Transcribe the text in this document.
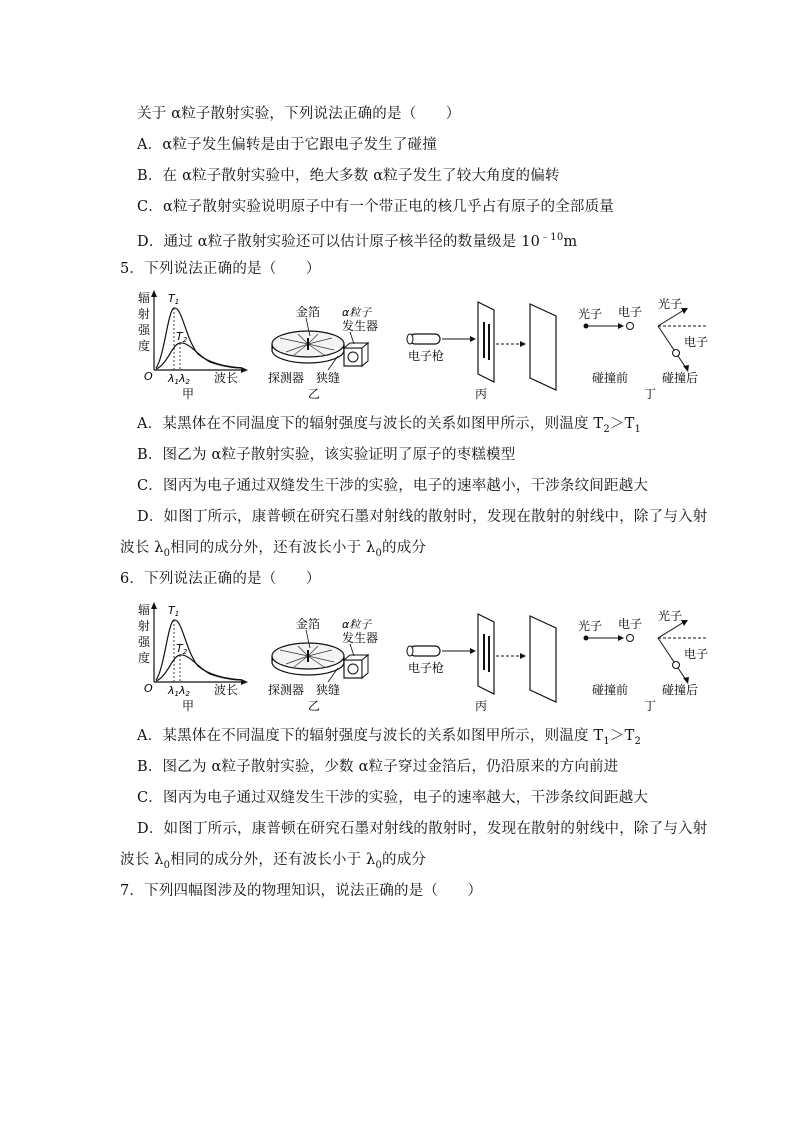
关于 α粒子散射实验，下列说法正确的是（　　）
A．α粒子发生偏转是由于它跟电子发生了碰撞
B．在 α粒子散射实验中，绝大多数 α粒子发生了较大角度的偏转
C．α粒子散射实验说明原子中有一个带正电的核几乎占有原子的全部质量
D．通过 α粒子散射实验还可以估计原子核半径的数量级是 $10^{﹣10}m$
5．下列说法正确的是（　　）
辐
射
强
度
T1
T2
O λ1 λ2 波长
甲
金箔 α粒子
发生器
探测器 狭缝
乙
电子枪
丙
光子 电子
碰撞前
光子
电子
碰撞后
丁
A．某黑体在不同温度下的辐射强度与波长的关系如图甲所示，则温度 $T_2>T_1$
B．图乙为 α粒子散射实验，该实验证明了原子的枣糕模型
C．图丙为电子通过双缝发生干涉的实验，电子的速率越小，干涉条纹间距越大
D．如图丁所示，康普顿在研究石墨对射线的散射时，发现在散射的射线中，除了与入射
波长 $\lambda_0$相同的成分外，还有波长小于 $\lambda_0$的成分
6．下列说法正确的是（　　）
辐
射
强
度
T1
T2
O λ1 λ2 波长
甲
金箔 α粒子
发生器
探测器 狭缝
乙
电子枪
丙
光子 电子
碰撞前
光子
电子
碰撞后
丁
A．某黑体在不同温度下的辐射强度与波长的关系如图甲所示，则温度 $T_1>T_2$
B．图乙为 α粒子散射实验，少数 α粒子穿过金箔后，仍沿原来的方向前进
C．图丙为电子通过双缝发生干涉的实验，电子的速率越大，干涉条纹间距越大
D．如图丁所示，康普顿在研究石墨对射线的散射时，发现在散射的射线中，除了与入射
波长 $\lambda_0$相同的成分外，还有波长小于 $\lambda_0$的成分
7．下列四幅图涉及的物理知识，说法正确的是（　　）
